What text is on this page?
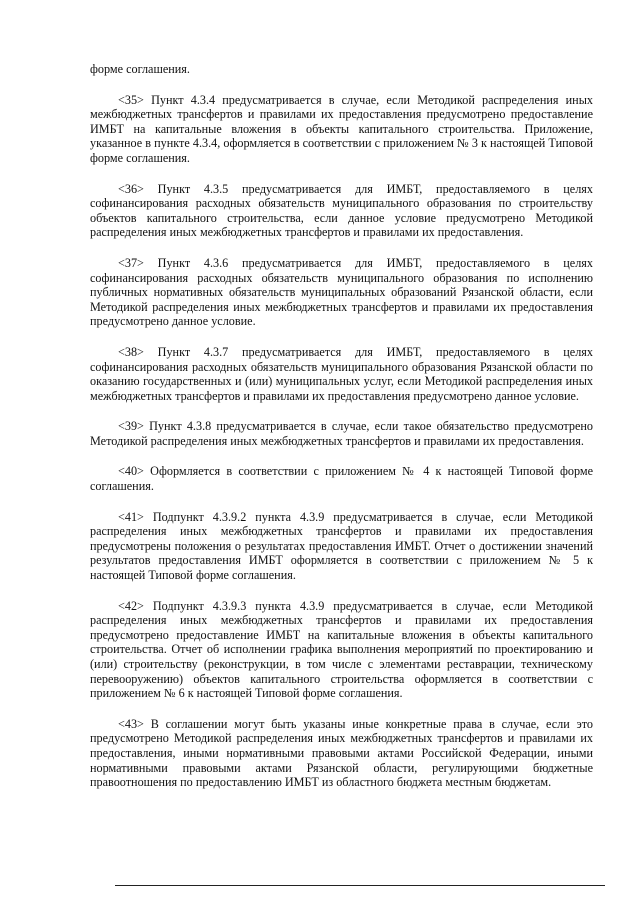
форме соглашения.

<35> Пункт 4.3.4 предусматривается в случае, если Методикой распределения иных межбюджетных трансфертов и правилами их предоставления предусмотрено предоставление ИМБТ на капитальные вложения в объекты капитального строительства. Приложение, указанное в пункте 4.3.4, оформляется в соответствии с приложением № 3 к настоящей Типовой форме соглашения.

<36> Пункт 4.3.5 предусматривается для ИМБТ, предоставляемого в целях софинансирования расходных обязательств муниципального образования по строительству объектов капитального строительства, если данное условие предусмотрено Методикой распределения иных межбюджетных трансфертов и правилами их предоставления.

<37> Пункт 4.3.6 предусматривается для ИМБТ, предоставляемого в целях софинансирования расходных обязательств муниципального образования по исполнению публичных нормативных обязательств муниципальных образований Рязанской области, если Методикой распределения иных межбюджетных трансфертов и правилами их предоставления предусмотрено данное условие.

<38> Пункт 4.3.7 предусматривается для ИМБТ, предоставляемого в целях софинансирования расходных обязательств муниципального образования Рязанской области по оказанию государственных и (или) муниципальных услуг, если Методикой распределения иных межбюджетных трансфертов и правилами их предоставления предусмотрено данное условие.

<39> Пункт 4.3.8 предусматривается в случае, если такое обязательство предусмотрено Методикой распределения иных межбюджетных трансфертов и правилами их предоставления.

<40> Оформляется в соответствии с приложением № 4 к настоящей Типовой форме соглашения.

<41> Подпункт 4.3.9.2 пункта 4.3.9 предусматривается в случае, если Методикой распределения иных межбюджетных трансфертов и правилами их предоставления предусмотрены положения о результатах предоставления ИМБТ. Отчет о достижении значений результатов предоставления ИМБТ оформляется в соответствии с приложением № 5 к настоящей Типовой форме соглашения.

<42> Подпункт 4.3.9.3 пункта 4.3.9 предусматривается в случае, если Методикой распределения иных межбюджетных трансфертов и правилами их предоставления предусмотрено предоставление ИМБТ на капитальные вложения в объекты капитального строительства. Отчет об исполнении графика выполнения мероприятий по проектированию и (или) строительству (реконструкции, в том числе с элементами реставрации, техническому перевооружению) объектов капитального строительства оформляется в соответствии с приложением № 6 к настоящей Типовой форме соглашения.

<43> В соглашении могут быть указаны иные конкретные права в случае, если это предусмотрено Методикой распределения иных межбюджетных трансфертов и правилами их предоставления, иными нормативными правовыми актами Российской Федерации, иными нормативными правовыми актами Рязанской области, регулирующими бюджетные правоотношения по предоставлению ИМБТ из областного бюджета местным бюджетам.
